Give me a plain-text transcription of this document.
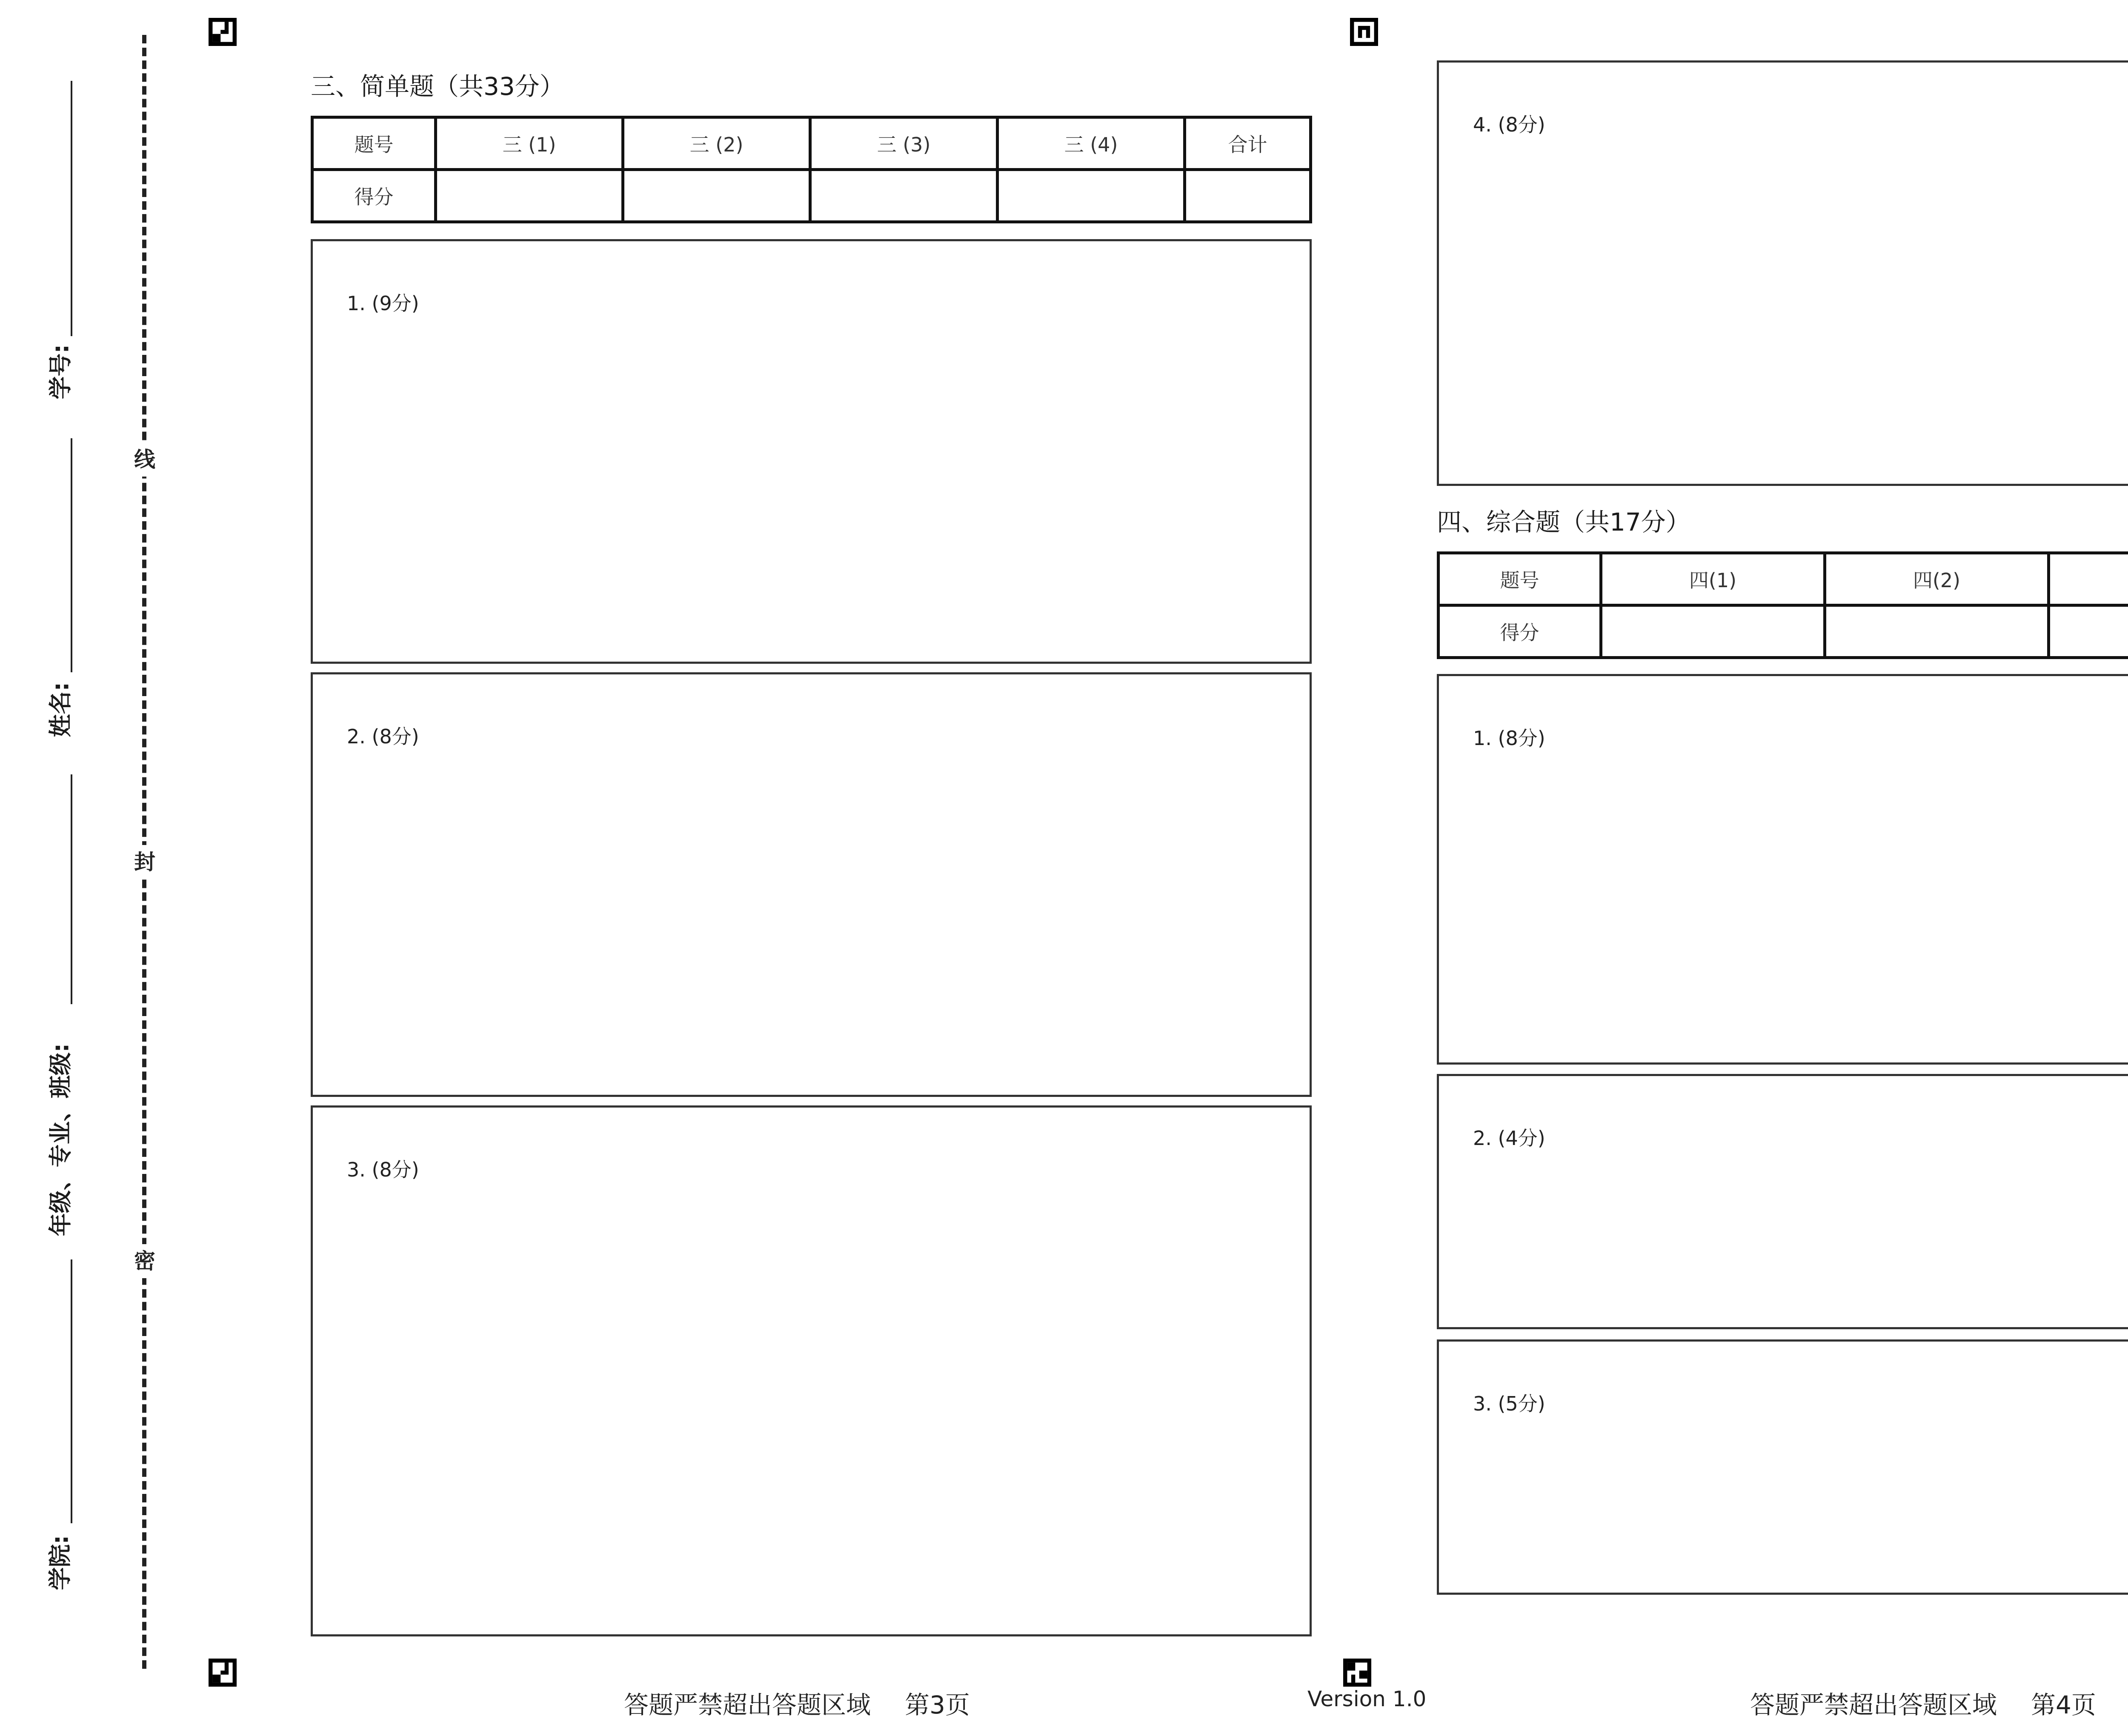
学号:
姓名:
年级、专业、班级:
学院:
线
封
密
三、简单题（共33分）
题号	三 (1)	三 (2)	三 (3)	三 (4)	合计
得分					
1. (9分)
2. (8分)
3. (8分)
答题严禁超出答题区域 第3页	Version 1.0
4. (8分)
四、综合题（共17分）
题号	四(1)	四(2)		
得分				
1. (8分)
2. (4分)
3. (5分)
答题严禁超出答题区域 第4页
